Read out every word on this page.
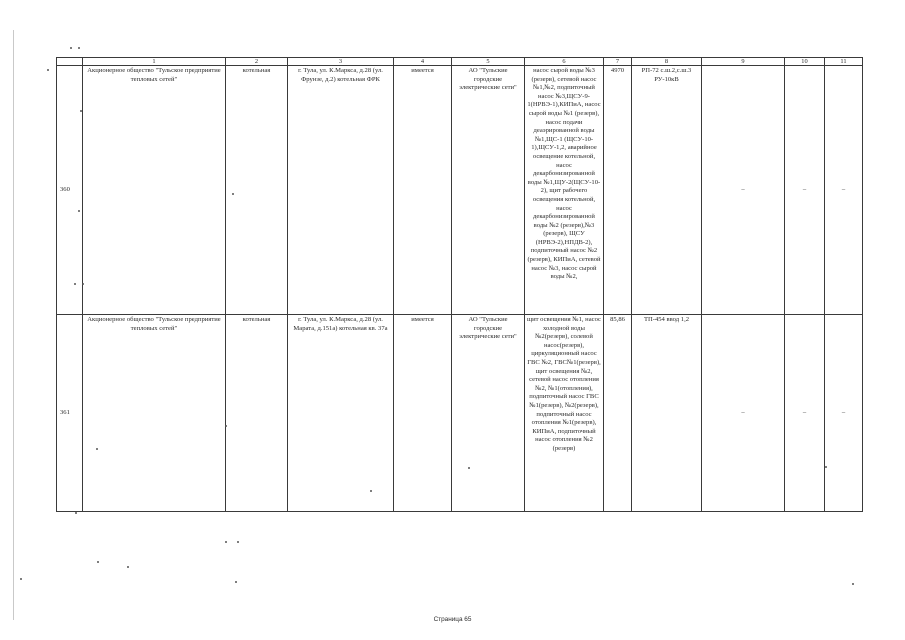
	1	2	3	4	5	6	7	8	9	10	11
360	Акционерное общество "Тульское предприятие тепловых сетей"	котельная	г. Тула, ул. К.Маркса, д.28 (ул. Фрунзе, д.2) котельная ФРК	имеется	АО "Тульские городские электрические сети"	насос сырой воды №3 (резерв), сетевой насос №1,№2, подпиточный насос №3,ЩСУ-9-1(НРВЭ-1),КИПиА, насос сырой воды №1 (резерв), насос подачи деаэрированной воды №1,ЩС-1 (ЩСУ-10-1),ЩСУ-1,2, аварийное освещение котельной, насос декарбонизированной воды №1,ЩУ-2(ЩСУ-10-2), щит рабочего освещения котельной, насос декарбонизированной воды №2 (резерв),№3 (резерв), ЩСУ (НРВЭ-2),НПДВ-2), подпиточный насос №2 (резерв), КИПиА, сетевой насос №3, насос сырой воды №2,	4970	РП-72 с.ш.2,с.ш.3 РУ-10кВ	–	–	–
361	Акционерное общество "Тульское предприятие тепловых сетей"	котельная	г. Тула, ул. К.Маркса, д.28 (ул. Марата, д.151а) котельная кв. 37а	имеется	АО "Тульские городские электрические сети"	щит освещения №1, насос холодной воды №2(резерв), солевой насос(резерв), циркуляционный насос ГВС №2, ГВС№1(резерв), щит освещения №2, сетевой насос отопления №2, №1(отопления), подпиточный насос ГВС №1(резерв), №2(резерв), подпиточный насос отопления №1(резерв), КИПиА, подпиточный насос отопления №2 (резерв)	85,86	ТП-454 ввод 1,2	–	–	–
Страница 65
